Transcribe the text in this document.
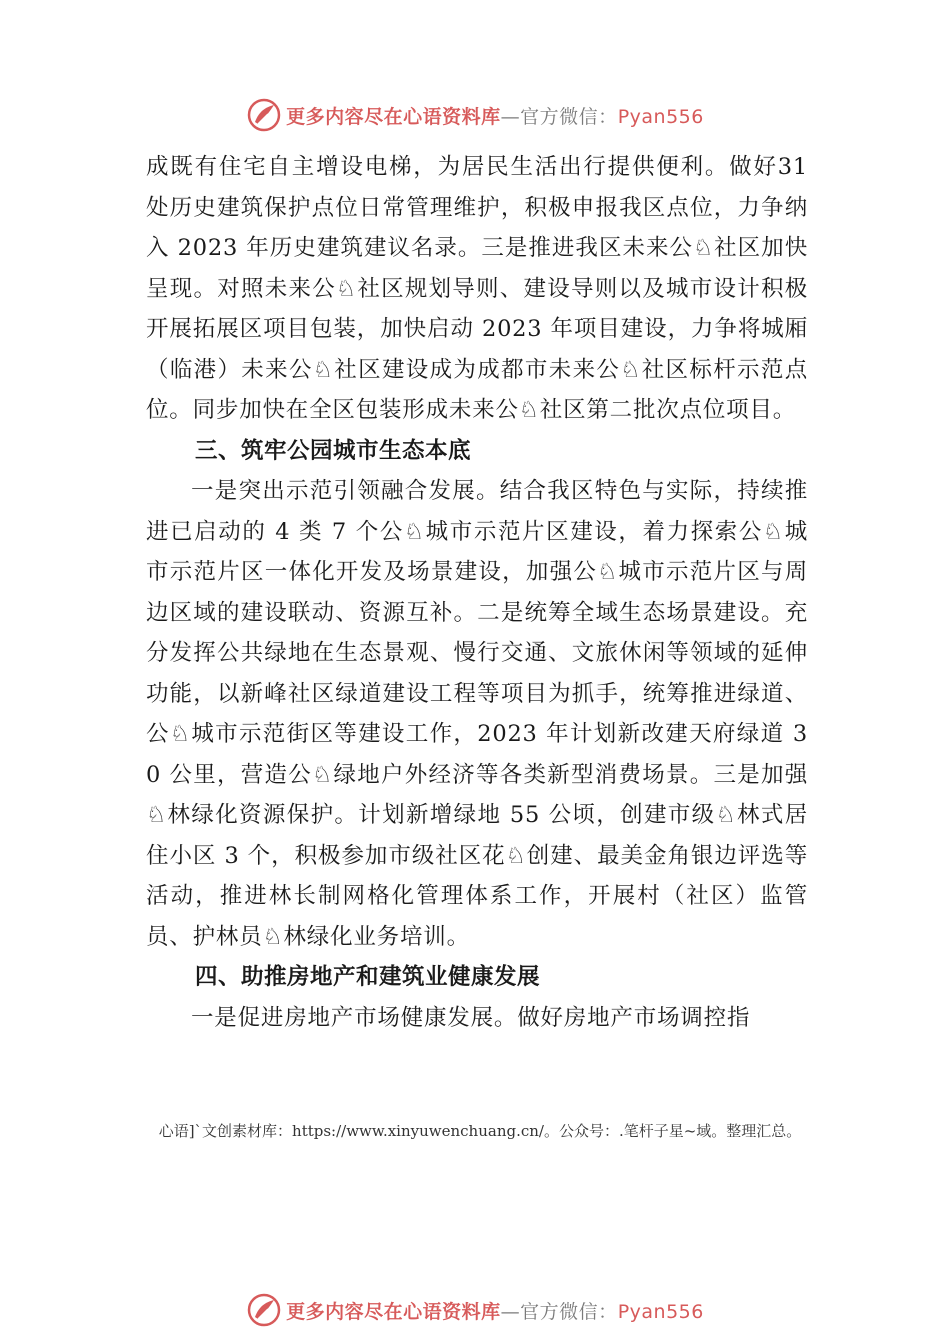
更多内容尽在心语资料库—官方微信：Pyan556

成既有住宅自主增设电梯，为居民生活出行提供便利。做好31 处历史建筑保护点位日常管理维护，积极申报我区点位，力争纳入 2023 年历史建筑建议名录。三是推进我区未来公♘社区加快呈现。对照未来公♘社区规划导则、建设导则以及城市设计积极开展拓展区项目包装，加快启动 2023 年项目建设，力争将城厢（临港）未来公♘社区建设成为成都市未来公♘社区标杆示范点位。同步加快在全区包装形成未来公♘社区第二批次点位项目。

三、筑牢公园城市生态本底

一是突出示范引领融合发展。结合我区特色与实际，持续推进已启动的 4 类 7 个公♘城市示范片区建设，着力探索公♘城市示范片区一体化开发及场景建设，加强公♘城市示范片区与周边区域的建设联动、资源互补。二是统筹全域生态场景建设。充分发挥公共绿地在生态景观、慢行交通、文旅休闲等领域的延伸功能，以新峰社区绿道建设工程等项目为抓手，统筹推进绿道、公♘城市示范街区等建设工作，2023 年计划新改建天府绿道 30 公里，营造公♘绿地户外经济等各类新型消费场景。三是加强♘林绿化资源保护。计划新增绿地 55 公顷，创建市级♘林式居住小区 3 个，积极参加市级社区花♘创建、最美金角银边评选等活动，推进林长制网格化管理体系工作，开展村（社区）监管员、护林员♘林绿化业务培训。

四、助推房地产和建筑业健康发展

一是促进房地产市场健康发展。做好房地产市场调控指

心语]`文创素材库：https://www.xinyuwenchuang.cn/。公众号：.笔杆子星~域。整理汇总。
更多内容尽在心语资料库—官方微信：Pyan556
